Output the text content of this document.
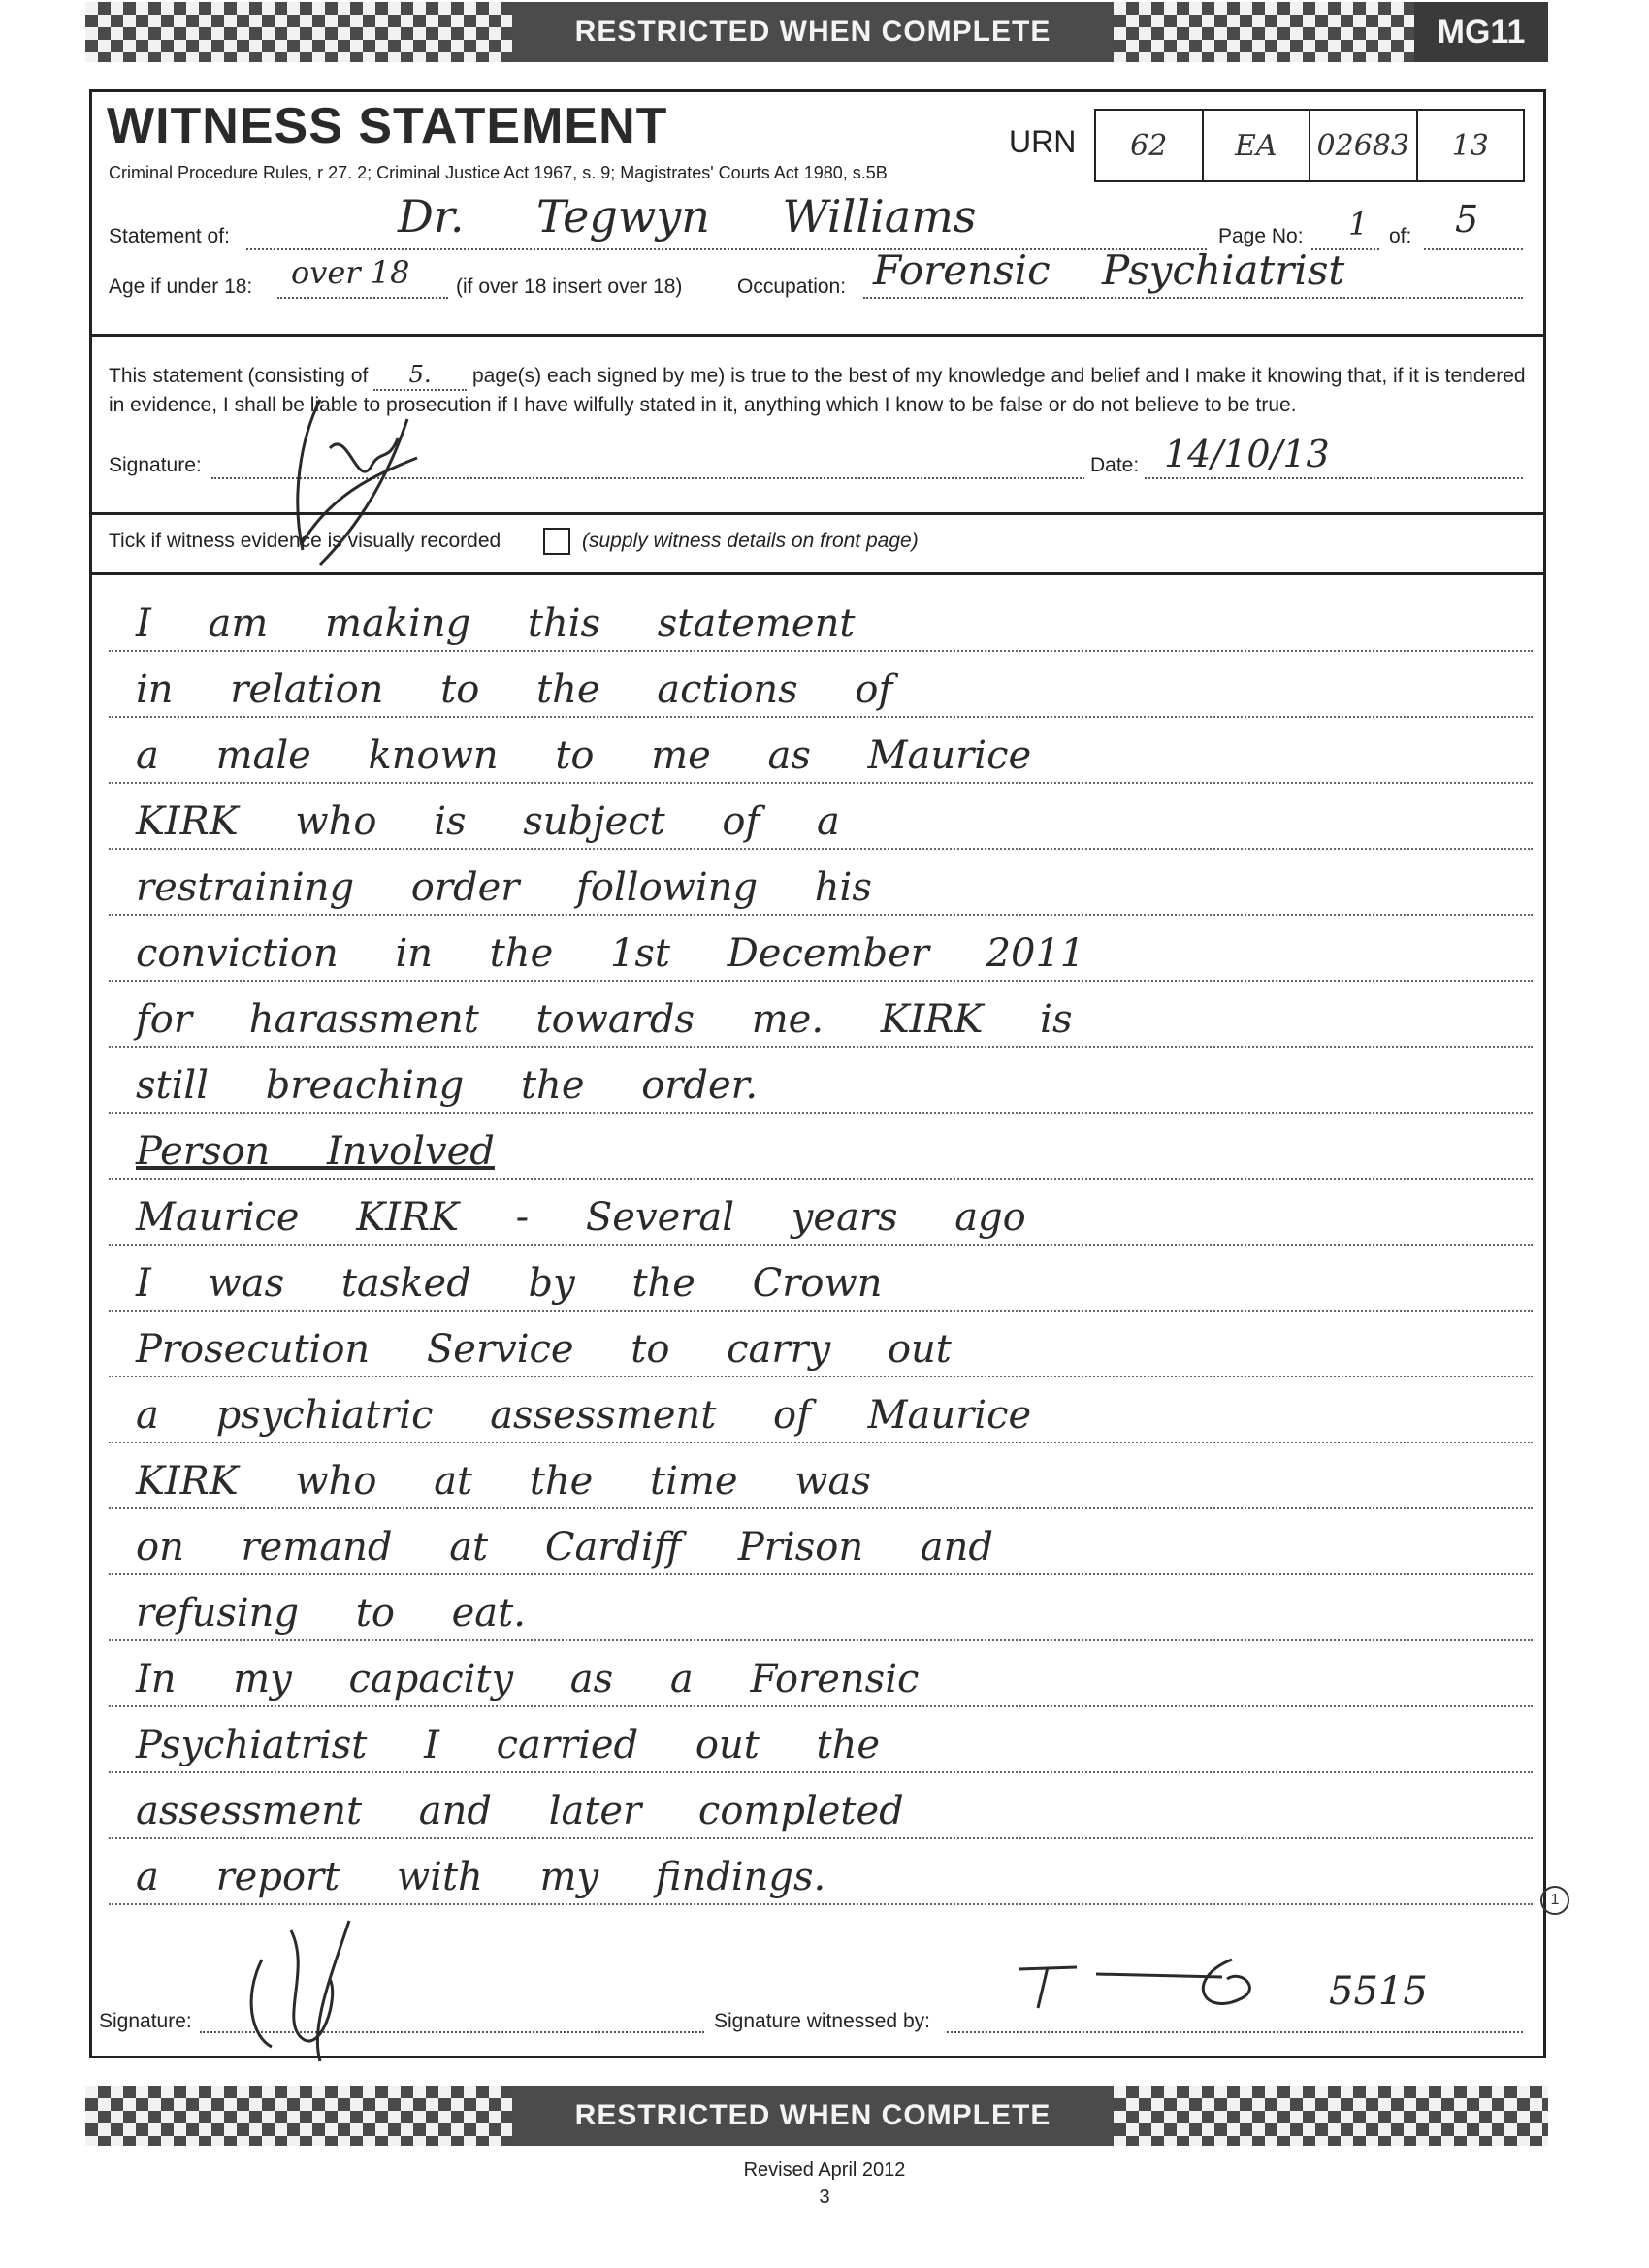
RESTRICTED WHEN COMPLETE	MG11
WITNESS STATEMENT
Criminal Procedure Rules, r 27. 2; Criminal Justice Act 1967, s. 9; Magistrates' Courts Act 1980, s.5B
URN	62	EA	02683	13
Statement of:	Dr. Tegwyn Williams	Page No: 1 of: 5
Age if under 18: over 18 (if over 18 insert over 18)	Occupation: Forensic Psychiatrist
This statement (consisting of 5. page(s) each signed by me) is true to the best of my knowledge and belief and I make it knowing that, if it is tendered in evidence, I shall be liable to prosecution if I have wilfully stated in it, anything which I know to be false or do not believe to be true.
Signature:	Date: 14/10/13
Tick if witness evidence is visually recorded	(supply witness details on front page)
I am making this statement
in relation to the actions of
a male known to me as Maurice
KIRK who is subject of a
restraining order following his
conviction in the 1st December 2011
for harassment towards me. KIRK is
still breaching the order.
Person Involved
Maurice KIRK - Several years ago
I was tasked by the Crown
Prosecution Service to carry out
a psychiatric assessment of Maurice
KIRK who at the time was
on remand at Cardiff Prison and
refusing to eat.
In my capacity as a Forensic
Psychiatrist I carried out the
assessment and later completed
a report with my findings.
1
Signature:	Signature witnessed by:
5515
RESTRICTED WHEN COMPLETE
Revised April 2012
3
